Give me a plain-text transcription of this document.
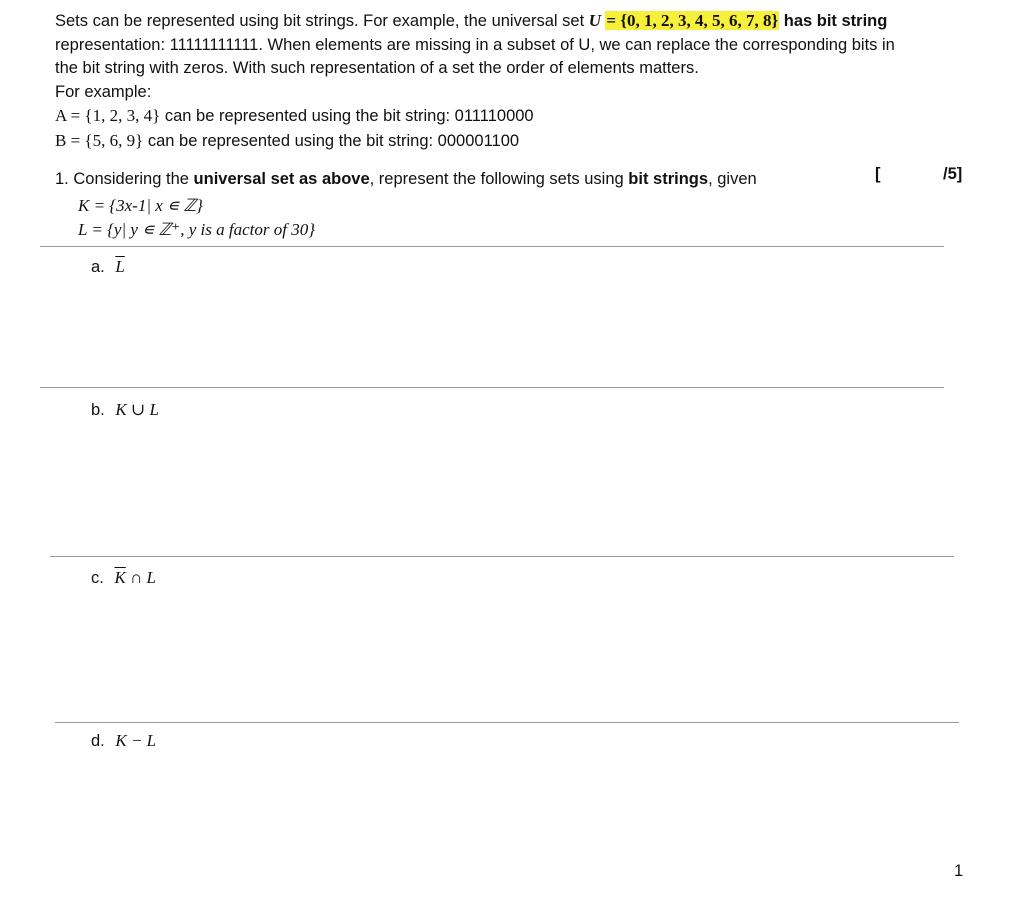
Sets can be represented using bit strings. For example, the universal set U = {0, 1, 2, 3, 4, 5, 6, 7, 8} has bit string
representation: 11111111111. When elements are missing in a subset of U, we can replace the corresponding bits in
the bit string with zeros. With such representation of a set the order of elements matters.
For example:
A = {1, 2, 3, 4} can be represented using the bit string: 011110000
B = {5, 6, 9} can be represented using the bit string: 000001100
1. Considering the universal set as above, represent the following sets using bit strings, given	[	/5]
K = {3x-1| x ∊ ℤ}
L = {y| y ∊ ℤ⁺, y is a factor of 30}
a. $\overline{L}$
b. K ∪ L
c. $\overline{K}$ ∩ L
d. K − L
1
